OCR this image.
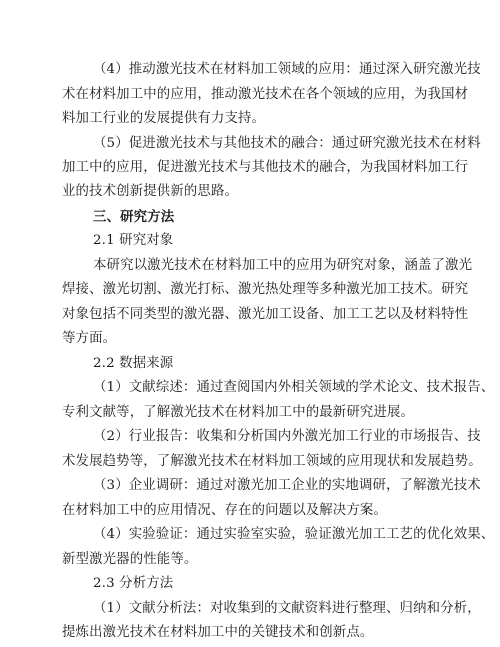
（4）推动激光技术在材料加工领域的应用：通过深入研究激光技
术在材料加工中的应用，推动激光技术在各个领域的应用，为我国材
料加工行业的发展提供有力支持。
（5）促进激光技术与其他技术的融合：通过研究激光技术在材料
加工中的应用，促进激光技术与其他技术的融合，为我国材料加工行
业的技术创新提供新的思路。
三、研究方法
2.1 研究对象
本研究以激光技术在材料加工中的应用为研究对象，涵盖了激光
焊接、激光切割、激光打标、激光热处理等多种激光加工技术。研究
对象包括不同类型的激光器、激光加工设备、加工工艺以及材料特性
等方面。
2.2 数据来源
（1）文献综述：通过查阅国内外相关领域的学术论文、技术报告、
专利文献等，了解激光技术在材料加工中的最新研究进展。
（2）行业报告：收集和分析国内外激光加工行业的市场报告、技
术发展趋势等，了解激光技术在材料加工领域的应用现状和发展趋势。
（3）企业调研：通过对激光加工企业的实地调研，了解激光技术
在材料加工中的应用情况、存在的问题以及解决方案。
（4）实验验证：通过实验室实验，验证激光加工工艺的优化效果、
新型激光器的性能等。
2.3 分析方法
（1）文献分析法：对收集到的文献资料进行整理、归纳和分析，
提炼出激光技术在材料加工中的关键技术和创新点。
